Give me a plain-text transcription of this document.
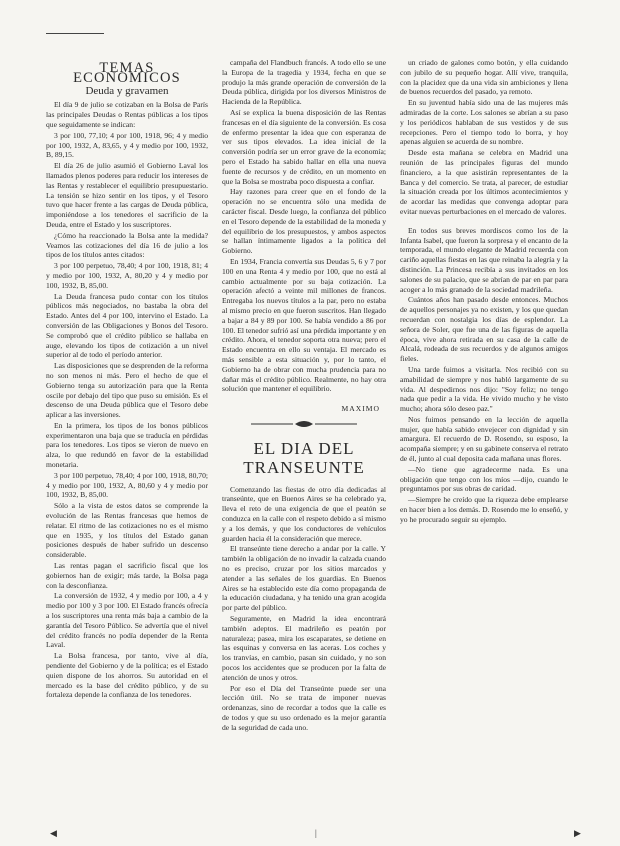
TEMAS ECONOMICOS
Deuda y gravamen

El día 9 de julio se cotizaban en la Bolsa de París las principales Deudas o Rentas públicas a los tipos que seguidamente se indican:

3 por 100, 77,10; 4 por 100, 1918, 96; 4 y medio por 100, 1932, A, 83,65, y 4 y medio por 100, 1932, B, 89,15.

El día 26 de julio asumió el Gobierno Laval los llamados plenos poderes para reducir los intereses de las Rentas y restablecer el equilibrio presupuestario. La tensión se hizo sentir en los tipos, y el Tesoro tuvo que hacer frente a las cargas de Deuda pública, imponiéndose a los tenedores el sacrificio de la Deuda, entre el Estado y los suscriptores.

¿Cómo ha reaccionado la Bolsa ante la medida? Veamos las cotizaciones del día 16 de julio a los tipos de los títulos antes citados:

3 por 100 perpetuo, 78,40; 4 por 100, 1918, 81; 4 y medio por 100, 1932, A, 80,20 y 4 y medio por 100, 1932, B, 85,00.

La Deuda francesa pudo contar con los títulos públicos más negociados, no bastaba la obra del Estado. Antes del 4 por 100, intervino el Estado. La conversión de las Obligaciones y Bonos del Tesoro. Se comprobó que el crédito público se hallaba en auge, elevando los tipos de cotización a un nivel superior al de todo el período anterior.

Las disposiciones que se desprenden de la reforma no son menos ni más. Pero el hecho de que el Gobierno tenga su autorización para que la Renta oscile por debajo del tipo que puso su emisión. Es el descenso de una Deuda pública que el Tesoro debe aplicar a las inversiones.

En la primera, los tipos de los bonos públicos experimentaron una baja que se traducía en pérdidas para los tenedores. Los tipos se vieron de nuevo en alza, lo que redundó en favor de la estabilidad monetaria.

3 por 100 perpetuo, 78,40; 4 por 100, 1918, 80,70; 4 y medio por 100, 1932, A, 80,60 y 4 y medio por 100, 1932, B, 85,00.

Sólo a la vista de estos datos se comprende la evolución de las Rentas francesas que hemos de relatar. El ritmo de las cotizaciones no es el mismo que en 1935, y los títulos del Estado ganan posiciones después de haber sufrido un descenso considerable.

Las rentas pagan el sacrificio fiscal que los gobiernos han de exigir; más tarde, la Bolsa paga con la desconfianza.

La conversión de 1932, 4 y medio por 100, a 4 y medio por 100 y 3 por 100. El Estado francés ofrecía a los suscriptores una renta más baja a cambio de la garantía del Tesoro Público. Se advertía que el nivel del crédito francés no podía depender de la Renta Laval.

La Bolsa francesa, por tanto, vive al día, pendiente del Gobierno y de la política; es el Estado quien dispone de los ahorros. Su autoridad en el mercado es la base del crédito público, y de su fortaleza depende la confianza de los tenedores.

campaña del Flandbuch francés. A todo ello se une la Europa de la tragedia y 1934, fecha en que se produjo la más grande operación de conversión de la Deuda pública, dirigida por los diversos Ministros de Hacienda de la República.

Así se explica la buena disposición de las Rentas francesas en el día siguiente de la conversión. Es cosa de enfermo presentar la idea que con esperanza de ver sus tipos elevados. La idea inicial de la conversión podría ser un error grave de la economía; pero el Estado ha sabido hallar en ella una nueva fuente de recursos y de crédito, en un momento en que la Bolsa se mostraba poco dispuesta a confiar.

Hay razones para creer que en el fondo de la operación no se encuentra sólo una medida de carácter fiscal. Desde luego, la confianza del público en el Tesoro depende de la estabilidad de la moneda y del equilibrio de los presupuestos, y ambos aspectos se hallan íntimamente ligados a la política del Gobierno.

En 1934, Francia convertía sus Deudas 5, 6 y 7 por 100 en una Renta 4 y medio por 100, que no está al cambio actualmente por su baja cotización. La operación afectó a veinte mil millones de francos. Entregaba los nuevos títulos a la par, pero no estaba al mismo precio en que fueron suscritos. Han llegado a bajar a 84 y 89 por 100. Se había vendido a 86 por 100. El tenedor sufrió así una pérdida importante y en crédito. Ahora, el tenedor soporta otra nueva; pero el Estado encuentra en ello su ventaja. El mercado es más sensible a esta situación y, por lo tanto, el Gobierno ha de obrar con mucha prudencia para no dañar más el crédito público. Realmente, no hay otra solución que mantener el equilibrio.

MAXIMO
EL DIA DEL TRANSEUNTE

Comenzando las fiestas de otro día dedicadas al transeúnte, que en Buenos Aires se ha celebrado ya, lleva el reto de una exigencia de que el peatón se conduzca en la calle con el respeto debido a sí mismo y a los demás, y que los conductores de vehículos guarden hacia él la consideración que merece.

El transeúnte tiene derecho a andar por la calle. Y también la obligación de no invadir la calzada cuando no es preciso, cruzar por los sitios marcados y atender a las señales de los guardias. En Buenos Aires se ha establecido este día como propaganda de la educación ciudadana, y ha tenido una gran acogida por parte del público.

Seguramente, en Madrid la idea encontrará también adeptos. El madrileño es peatón por naturaleza; pasea, mira los escaparates, se detiene en las esquinas y conversa en las aceras. Los coches y los tranvías, en cambio, pasan sin cuidado, y no son pocos los accidentes que se producen por la falta de atención de unos y otros.

Por eso el Día del Transeúnte puede ser una lección útil. No se trata de imponer nuevas ordenanzas, sino de recordar a todos que la calle es de todos y que su uso ordenado es la mejor garantía de la seguridad de cada uno.

un criado de galones como botón, y ella cuidando con jubilo de su pequeño hogar. Allí vive, tranquila, con la placidez que da una vida sin ambiciones y llena de buenos recuerdos del pasado, ya remoto.

En su juventud había sido una de las mujeres más admiradas de la corte. Los salones se abrían a su paso y los periódicos hablaban de sus vestidos y de sus recepciones. Pero el tiempo todo lo borra, y hoy apenas alguien se acuerda de su nombre.

Desde esta mañana se celebra en Madrid una reunión de las principales figuras del mundo financiero, a la que asistirán representantes de la Banca y del comercio. Se trata, al parecer, de estudiar la situación creada por los últimos acontecimientos y de acordar las medidas que convenga adoptar para evitar nuevas perturbaciones en el mercado de valores.

En todos sus breves mordiscos como los de la Infanta Isabel, que fueron la sorpresa y el encanto de la temporada, el mundo elegante de Madrid recuerda con cariño aquellas fiestas en las que reinaba la alegría y la distinción. La Princesa recibía a sus invitados en los salones de su palacio, que se abrían de par en par para acoger a lo más granado de la sociedad madrileña.

Cuántos años han pasado desde entonces. Muchos de aquellos personajes ya no existen, y los que quedan recuerdan con nostalgia los días de esplendor. La señora de Soler, que fue una de las figuras de aquella época, vive ahora retirada en su casa de la calle de Alcalá, rodeada de sus recuerdos y de algunos amigos fieles.

Una tarde fuimos a visitarla. Nos recibió con su amabilidad de siempre y nos habló largamente de su vida. Al despedirnos nos dijo: "Soy feliz; no tengo nada que pedir a la vida. He vivido mucho y he visto mucho; ahora sólo deseo paz."

Nos fuimos pensando en la lección de aquella mujer, que había sabido envejecer con dignidad y sin amargura. El recuerdo de D. Rosendo, su esposo, la acompaña siempre; y en su gabinete conserva el retrato de él, junto al cual deposita cada mañana unas flores.

—No tiene que agradecerme nada. Es una obligación que tengo con los míos —dijo, cuando le preguntamos por sus obras de caridad.

—Siempre he creído que la riqueza debe emplearse en hacer bien a los demás. D. Rosendo me lo enseñó, y yo he procurado seguir su ejemplo.

◀	|	▶
